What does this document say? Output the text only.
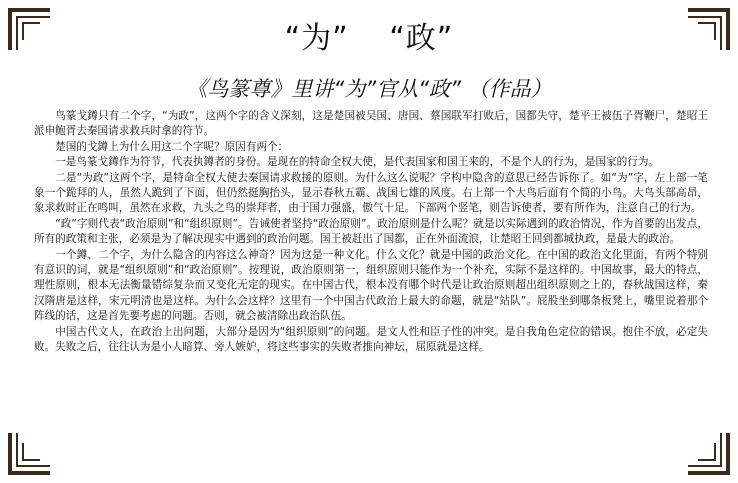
“为” “政”
《鸟篆尊》里讲“为”官从“政” （作品）

鸟篆戈鐏只有二个字，“为政”，这两个字的含义深刻，这是楚国被吴国、唐国、蔡国联军打败后，国都失守，楚平王被伍子胥鞭尸，楚昭王派申鲍胥去秦国请求救兵时拿的符节。

楚国的戈鐏上为什么用这二个字呢？原因有两个：

一是鸟篆戈鐏作为符节，代表执鐏者的身份。是现在的特命全权大使，是代表国家和国王来的，不是个人的行为，是国家的行为。

二是“为政”这两个字，是特命全权大使去秦国请求救援的原则。为什么这么说呢？字构中隐含的意思已经告诉你了。如“为”字，左上部一笔象一个跪拜的人，虽然人跪到了下面，但仍然挺胸抬头，显示春秋五霸、战国七雄的风度。右上部一个大鸟后面有个简的小鸟。大鸟头部高昂，象求救时正在鸣叫，虽然在求救，九头之鸟的崇拜者，由于国力强盛，傲气十足。下部两个竖笔，则告诉使者，要有所作为，注意自己的行为。

“政”字则代表“政治原则”和“组织原则”。告诫使者坚持“政治原则”。政治原则是什么呢？就是以实际遇到的政治情况，作为首要的出发点，所有的政策和主张，必须是为了解决现实中遇到的政治问题。国王被赶出了国都，正在外面流浪，让楚昭王回到都城执政，是最大的政治。

一个鐏、二个字，为什么隐含的内容这么神奇？因为这是一种文化。什么文化？就是中国的政治文化。在中国的政治文化里面，有两个特别有意识的词，就是“组织原则”和“政治原则”。按理说，政治原则第一，组织原则只能作为一个补充，实际不是这样的。中国故事，最大的特点，理性原则，根本无法衡量错综复杂而又变化无定的现实。在中国古代，根本没有哪个时代是让政治原则超出组织原则之上的，春秋战国这样，秦汉隋唐是这样，宋元明清也是这样。为什么会这样？这里有一个中国古代政治上最大的命题，就是“站队”。屁股坐到哪条板凳上，嘴里说着那个阵线的话，这是首先要考虑的问题。否则，就会被清除出政治队伍。

中国古代文人，在政治上出问题，大部分是因为“组织原则”的问题。是文人性和臣子性的冲突。是自我角色定位的错误。抱住不放，必定失败。失败之后，往往认为是小人暗算、旁人嫉妒，将这些事实的失败者推向神坛，屈原就是这样。
